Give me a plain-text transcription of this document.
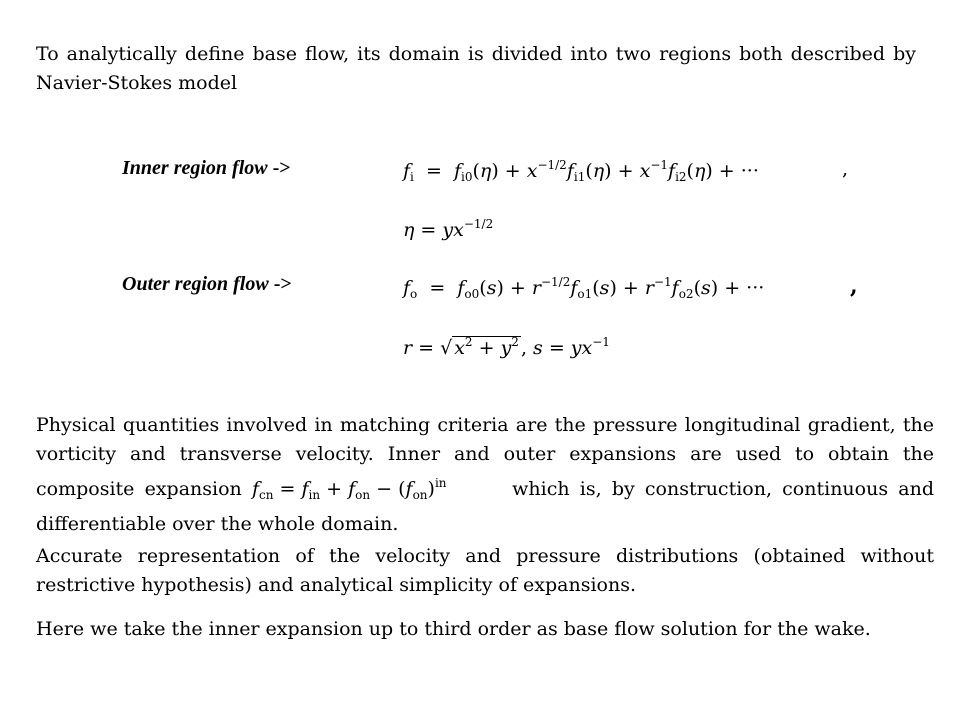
To analytically define base flow, its domain is divided into two regions both described by Navier-Stokes model

Inner region flow ->	$f_i = f_{i0}(\eta) + x^{-1/2}f_{i1}(\eta) + x^{-1}f_{i2}(\eta)$ + ···	,
$\eta = yx^{-1/2}$
Outer region flow ->	$f_o = f_{o0}(s) + r^{-1/2}f_{o1}(s) + r^{-1}f_{o2}(s)$ + ···	,
r = √ $x^2 + y^2$ , $s = yx^{-1}$

Physical quantities involved in matching criteria are the pressure longitudinal gradient, the vorticity and transverse velocity. Inner and outer expansions are used to obtain the composite expansion $f_{cn} = f_{in} + f_{on} - (f_{on})^{in}$	which is, by construction, continuous and differentiable over the whole domain.

Accurate representation of the velocity and pressure distributions (obtained without restrictive hypothesis) and analytical simplicity of expansions.

Here we take the inner expansion up to third order as base flow solution for the wake.
